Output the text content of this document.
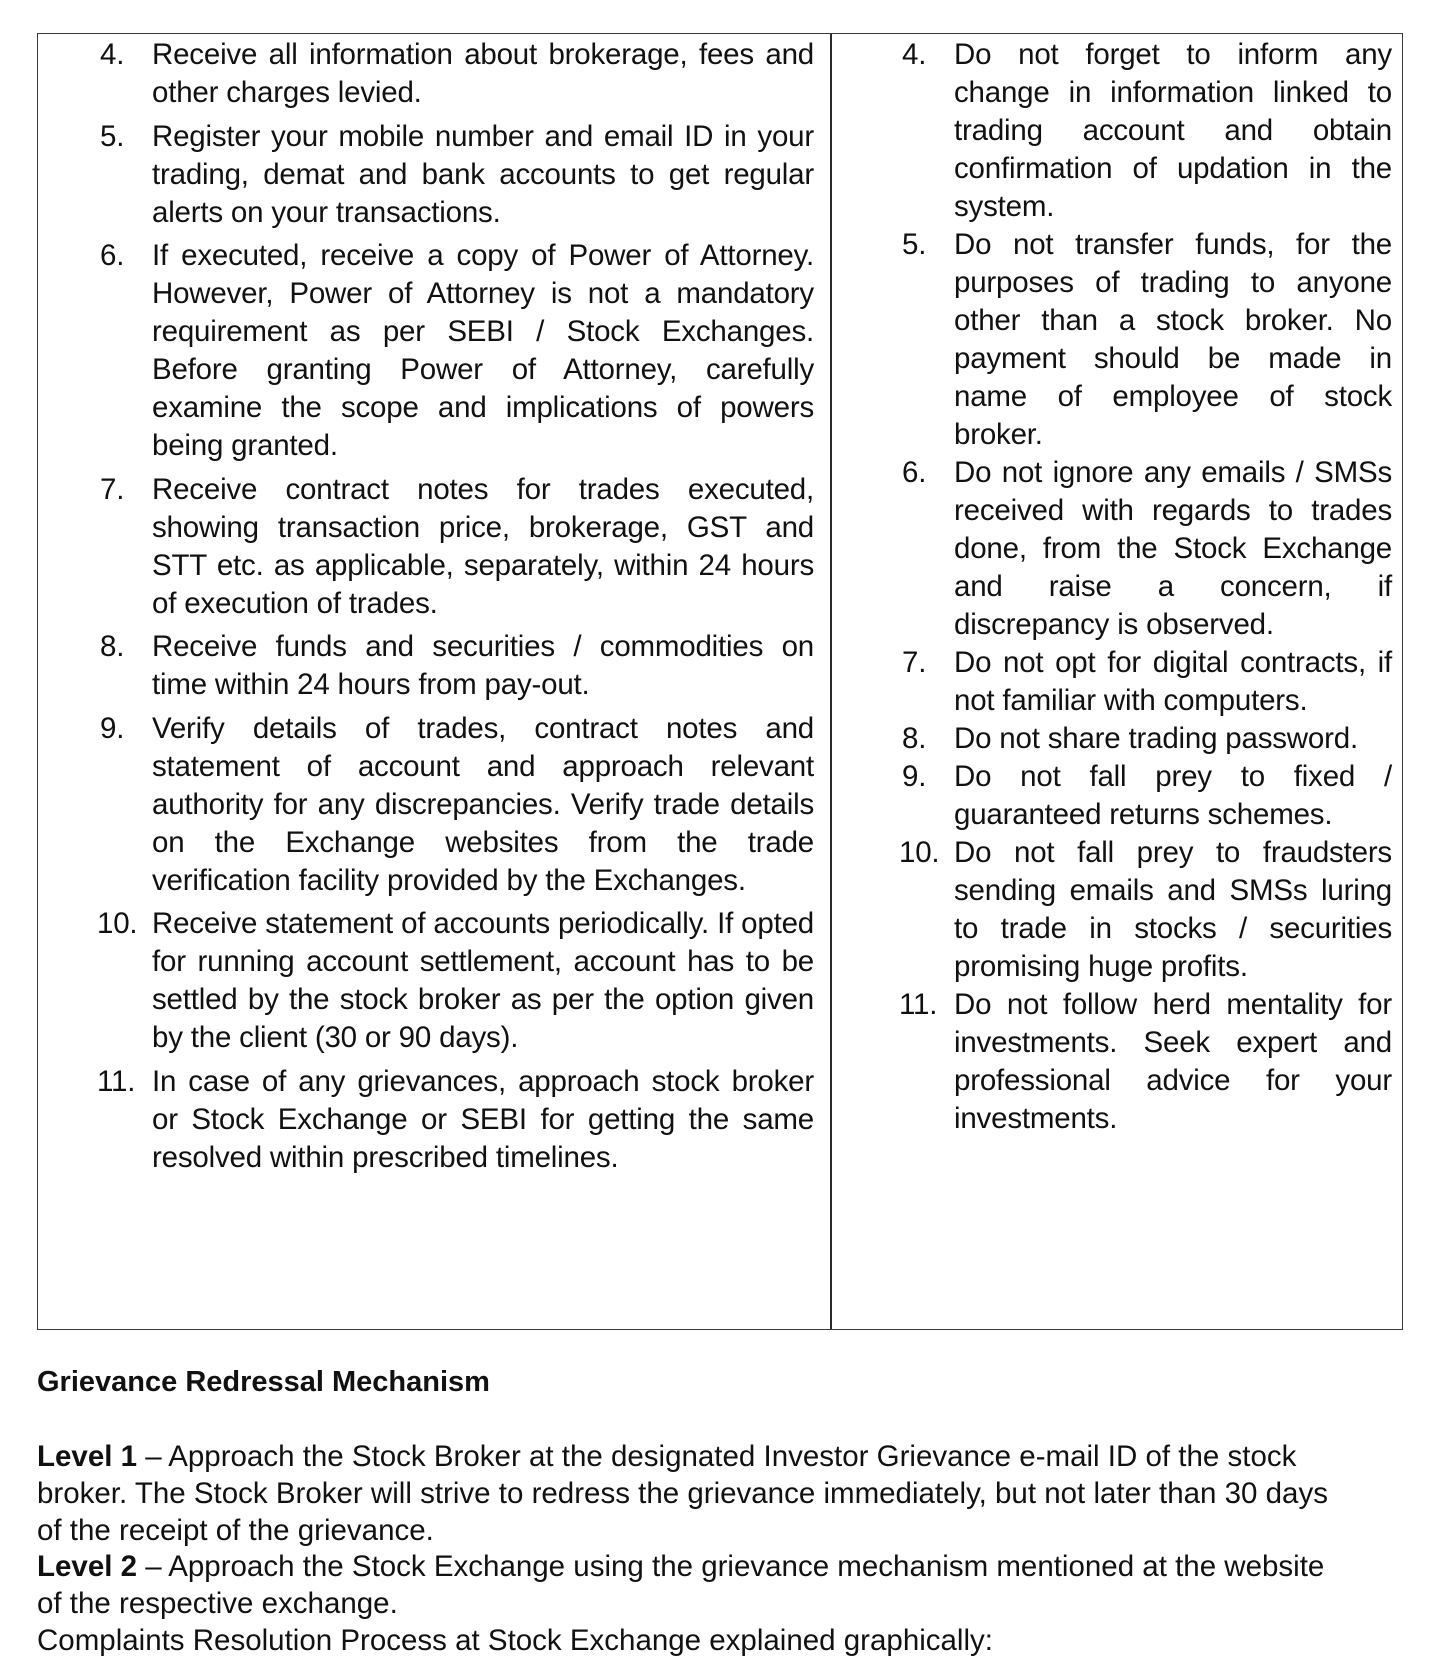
4. Receive all information about brokerage, fees and other charges levied.
5. Register your mobile number and email ID in your trading, demat and bank accounts to get regular alerts on your transactions.
6. If executed, receive a copy of Power of Attorney. However, Power of Attorney is not a mandatory requirement as per SEBI / Stock Exchanges. Before granting Power of Attorney, carefully examine the scope and implications of powers being granted.
7. Receive contract notes for trades executed, showing transaction price, brokerage, GST and STT etc. as applicable, separately, within 24 hours of execution of trades.
8. Receive funds and securities / commodities on time within 24 hours from pay-out.
9. Verify details of trades, contract notes and statement of account and approach relevant authority for any discrepancies. Verify trade details on the Exchange websites from the trade verification facility provided by the Exchanges.
10. Receive statement of accounts periodically. If opted for running account settlement, account has to be settled by the stock broker as per the option given by the client (30 or 90 days).
11. In case of any grievances, approach stock broker or Stock Exchange or SEBI for getting the same resolved within prescribed timelines.
4. Do not forget to inform any change in information linked to trading account and obtain confirmation of updation in the system.
5. Do not transfer funds, for the purposes of trading to anyone other than a stock broker. No payment should be made in name of employee of stock broker.
6. Do not ignore any emails / SMSs received with regards to trades done, from the Stock Exchange and raise a concern, if discrepancy is observed.
7. Do not opt for digital contracts, if not familiar with computers.
8. Do not share trading password.
9. Do not fall prey to fixed / guaranteed returns schemes.
10. Do not fall prey to fraudsters sending emails and SMSs luring to trade in stocks / securities promising huge profits.
11. Do not follow herd mentality for investments. Seek expert and professional advice for your investments.
Grievance Redressal Mechanism
Level 1 – Approach the Stock Broker at the designated Investor Grievance e-mail ID of the stock broker. The Stock Broker will strive to redress the grievance immediately, but not later than 30 days of the receipt of the grievance.
Level 2 – Approach the Stock Exchange using the grievance mechanism mentioned at the website of the respective exchange.
Complaints Resolution Process at Stock Exchange explained graphically:
